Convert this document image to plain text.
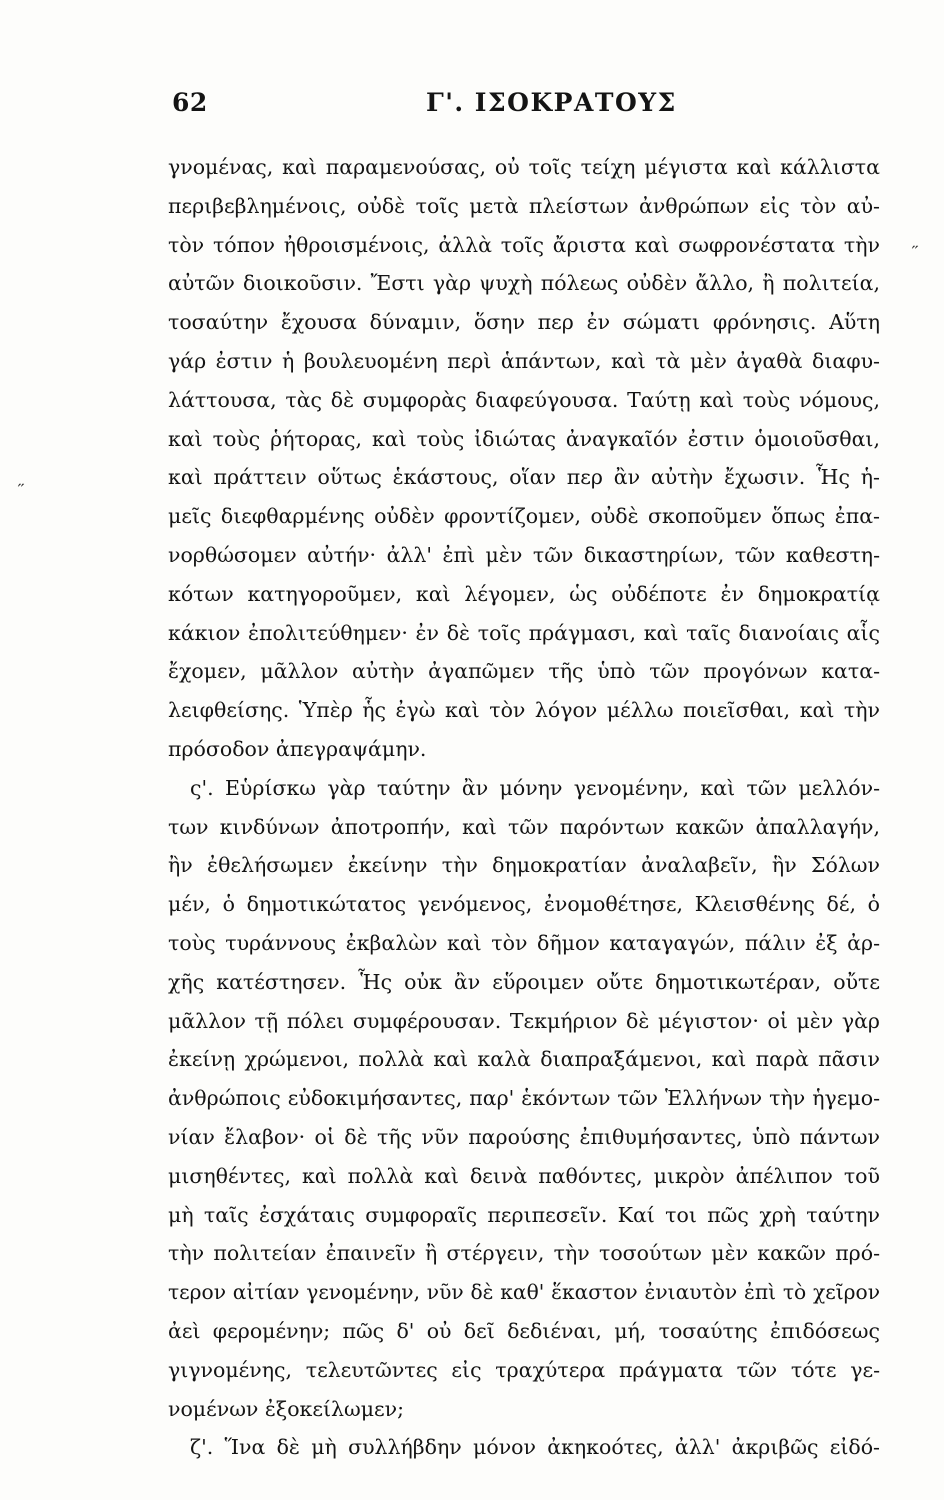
62	Γ'. ΙΣΟΚΡΑΤΟΥΣ
γνομένας, καὶ παραμενούσας, οὐ τοῖς τείχη μέγιστα καὶ κάλλιστα
περιβεβλημένοις, οὐδὲ τοῖς μετὰ πλείστων ἀνθρώπων εἰς τὸν αὐ-
τὸν τόπον ἠθροισμένοις, ἀλλὰ τοῖς ἄριστα καὶ σωφρονέστατα τὴν
αὐτῶν διοικοῦσιν. Ἔστι γὰρ ψυχὴ πόλεως οὐδὲν ἄλλο, ἢ πολιτεία,
τοσαύτην ἔχουσα δύναμιν, ὅσην περ ἐν σώματι φρόνησις. Αὕτη
γάρ ἐστιν ἡ βουλευομένη περὶ ἁπάντων, καὶ τὰ μὲν ἀγαθὰ διαφυ-
λάττουσα, τὰς δὲ συμφορὰς διαφεύγουσα. Ταύτῃ καὶ τοὺς νόμους,
καὶ τοὺς ῥήτορας, καὶ τοὺς ἰδιώτας ἀναγκαῖόν ἐστιν ὁμοιοῦσθαι,
καὶ πράττειν οὕτως ἑκάστους, οἵαν περ ἂν αὐτὴν ἔχωσιν. Ἧς ἡ-
μεῖς διεφθαρμένης οὐδὲν φροντίζομεν, οὐδὲ σκοποῦμεν ὅπως ἐπα-
νορθώσομεν αὐτήν· ἀλλ' ἐπὶ μὲν τῶν δικαστηρίων, τῶν καθεστη-
κότων κατηγοροῦμεν, καὶ λέγομεν, ὡς οὐδέποτε ἐν δημοκρατίᾳ
κάκιον ἐπολιτεύθημεν· ἐν δὲ τοῖς πράγμασι, καὶ ταῖς διανοίαις αἷς
ἔχομεν, μᾶλλον αὐτὴν ἀγαπῶμεν τῆς ὑπὸ τῶν προγόνων κατα-
λειφθείσης. Ὑπὲρ ἧς ἐγὼ καὶ τὸν λόγον μέλλω ποιεῖσθαι, καὶ τὴν
πρόσοδον ἀπεγραψάμην.
ς'. Εὑρίσκω γὰρ ταύτην ἂν μόνην γενομένην, καὶ τῶν μελλόν-
των κινδύνων ἀποτροπήν, καὶ τῶν παρόντων κακῶν ἀπαλλαγήν,
ἢν ἐθελήσωμεν ἐκείνην τὴν δημοκρατίαν ἀναλαβεῖν, ἣν Σόλων
μέν, ὁ δημοτικώτατος γενόμενος, ἐνομοθέτησε, Κλεισθένης δέ, ὁ
τοὺς τυράννους ἐκβαλὼν καὶ τὸν δῆμον καταγαγών, πάλιν ἐξ ἀρ-
χῆς κατέστησεν. Ἧς οὐκ ἂν εὕροιμεν οὔτε δημοτικωτέραν, οὔτε
μᾶλλον τῇ πόλει συμφέρουσαν. Τεκμήριον δὲ μέγιστον· οἱ μὲν γὰρ
ἐκείνῃ χρώμενοι, πολλὰ καὶ καλὰ διαπραξάμενοι, καὶ παρὰ πᾶσιν
ἀνθρώποις εὐδοκιμήσαντες, παρ' ἑκόντων τῶν Ἑλλήνων τὴν ἡγεμο-
νίαν ἔλαβον· οἱ δὲ τῆς νῦν παρούσης ἐπιθυμήσαντες, ὑπὸ πάντων
μισηθέντες, καὶ πολλὰ καὶ δεινὰ παθόντες, μικρὸν ἀπέλιπον τοῦ
μὴ ταῖς ἐσχάταις συμφοραῖς περιπεσεῖν. Καί τοι πῶς χρὴ ταύτην
τὴν πολιτείαν ἐπαινεῖν ἢ στέργειν, τὴν τοσούτων μὲν κακῶν πρό-
τερον αἰτίαν γενομένην, νῦν δὲ καθ' ἕκαστον ἐνιαυτὸν ἐπὶ τὸ χεῖρον
ἀεὶ φερομένην; πῶς δ' οὐ δεῖ δεδιέναι, μή, τοσαύτης ἐπιδόσεως
γιγνομένης, τελευτῶντες εἰς τραχύτερα πράγματα τῶν τότε γε-
νομένων ἐξοκείλωμεν;
ζ'. Ἵνα δὲ μὴ συλλήβδην μόνον ἀκηκοότες, ἀλλ' ἀκριβῶς εἰδό-
˶
˶
